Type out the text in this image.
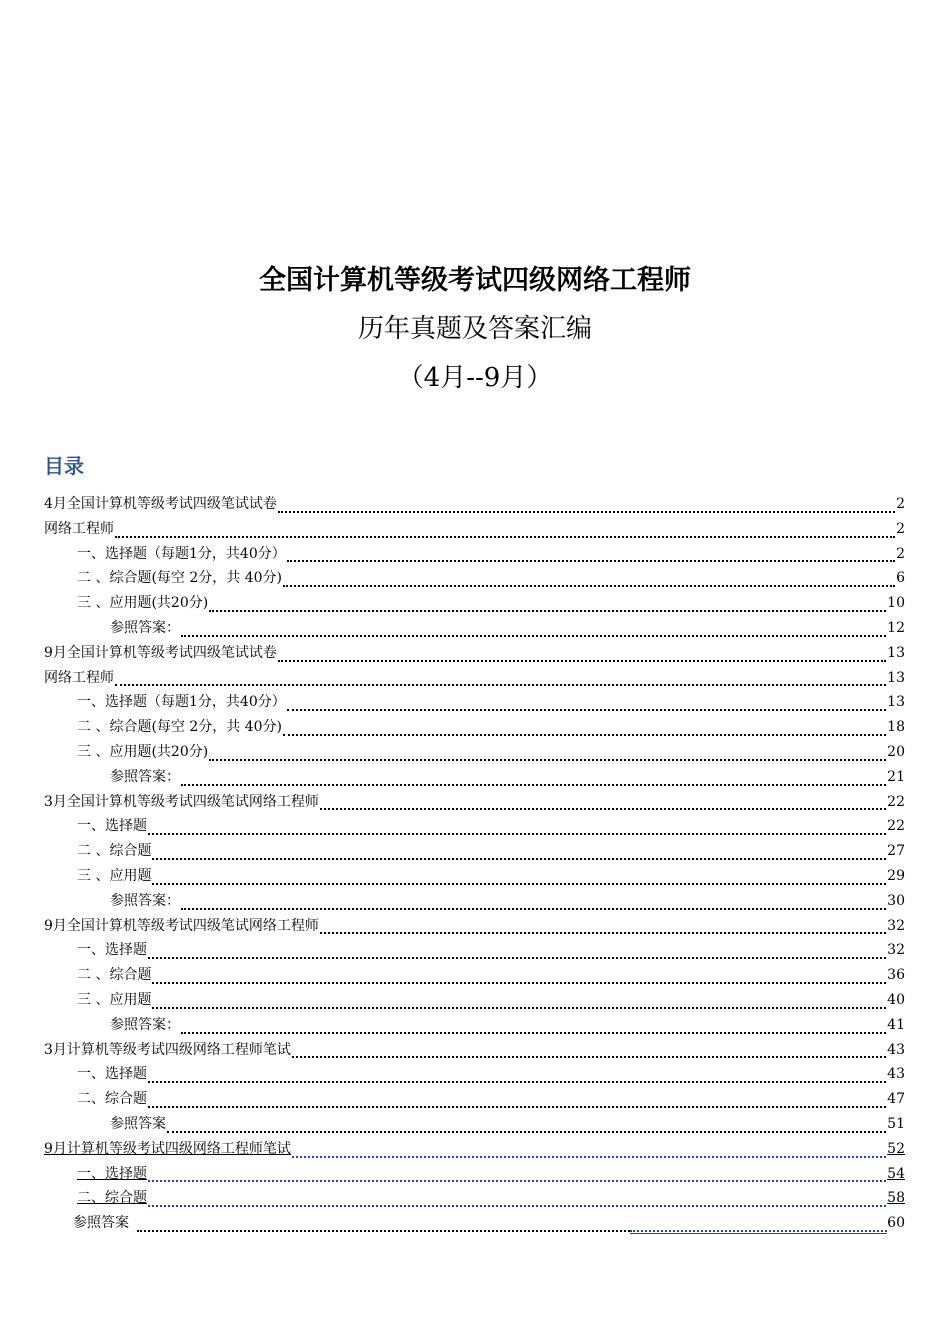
全国计算机等级考试四级网络工程师
历年真题及答案汇编
（4月--9月）
目录
4月全国计算机等级考试四级笔试试卷	2
网络工程师	2
一、选择题（每题1分，共40分）	2
二 、综合题(每空 2分，共 40分)	6
三 、应用题(共20分)	10
参照答案：	12
9月全国计算机等级考试四级笔试试卷	13
网络工程师	13
一、选择题（每题1分，共40分）	13
二 、综合题(每空 2分，共 40分)	18
三 、应用题(共20分)	20
参照答案：	21
3月全国计算机等级考试四级笔试网络工程师	22
一、选择题	22
二 、综合题	27
三 、应用题	29
参照答案：	30
9月全国计算机等级考试四级笔试网络工程师	32
一、选择题	32
二 、综合题	36
三 、应用题	40
参照答案：	41
3月计算机等级考试四级网络工程师笔试	43
一、选择题	43
二、综合题	47
参照答案	51
9月计算机等级考试四级网络工程师笔试	52
一、选择题	54
二、综合题	58
参照答案	60
